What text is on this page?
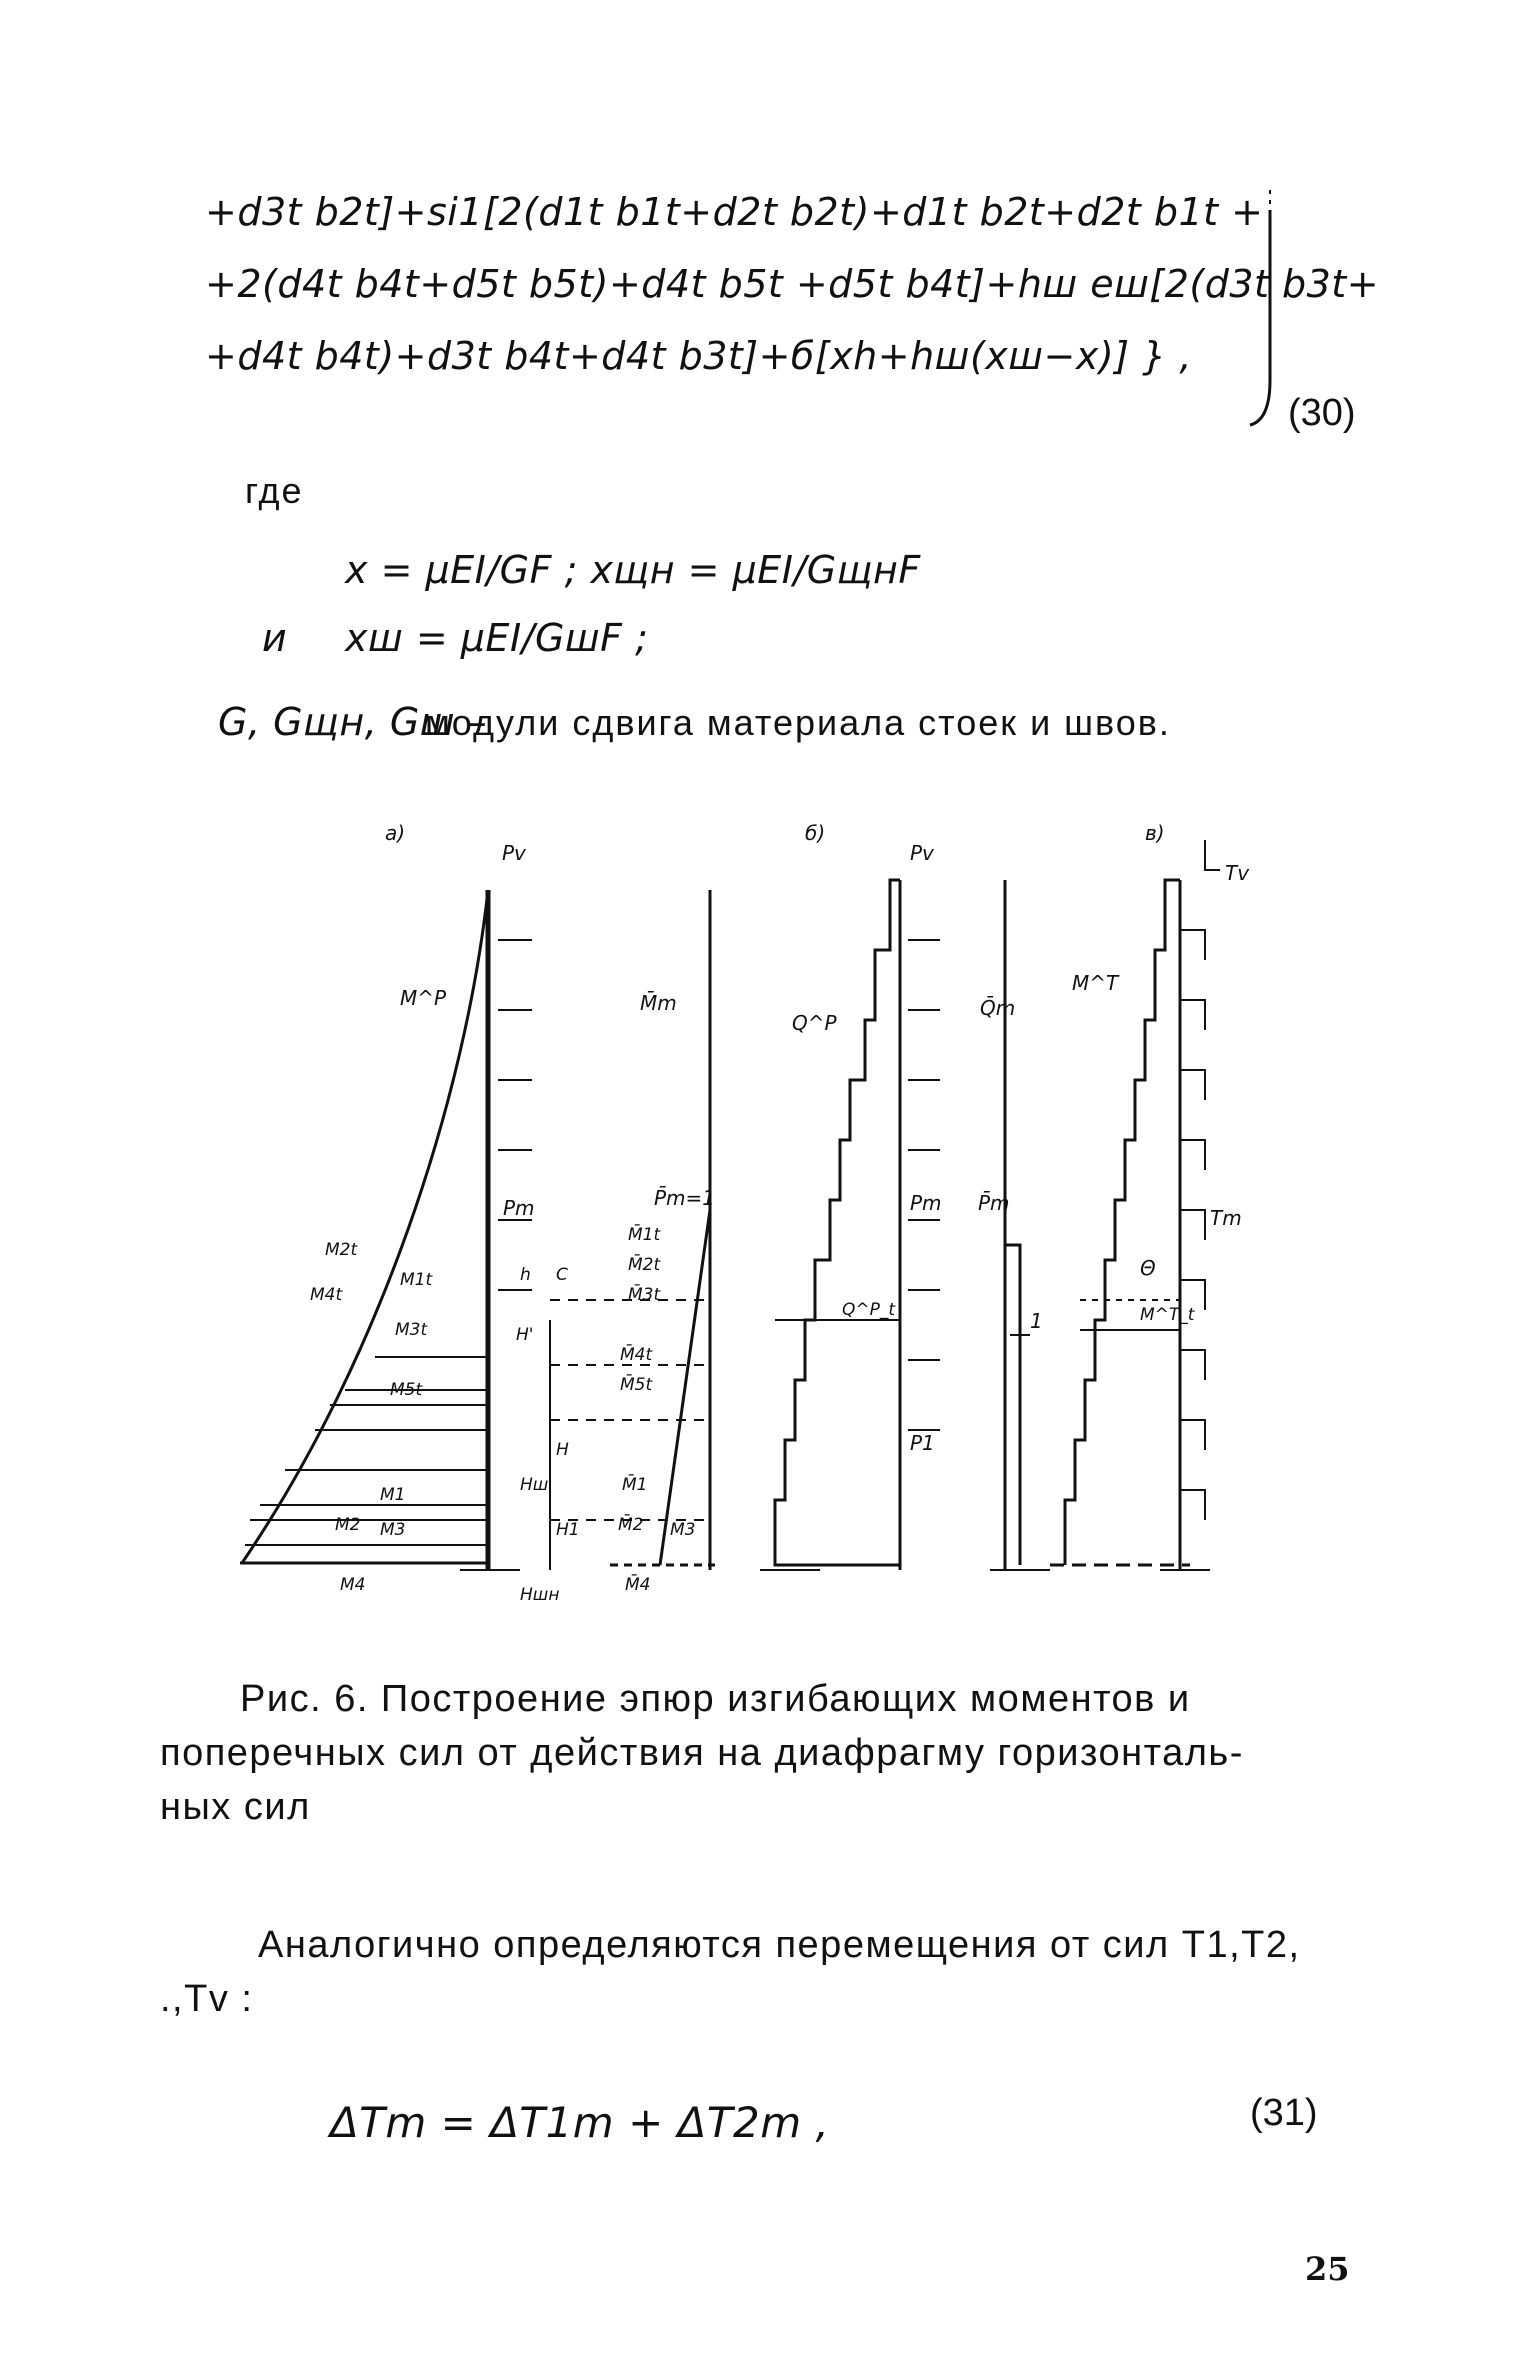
+d3t b2t]+si1[2(d1t b1t+d2t b2t)+d1t b2t+d2t b1t +
+2(d4t b4t+d5t b5t)+d4t b5t +d5t b4t]+hш eш[2(d3t b3t+
+d4t b4t)+d3t b4t+d4t b3t]+б[xh+hш(xш−x)] } ,
(30)
где
x = μEI/GF ; xщн = μEI/GщнF
и xш = μEI/GшF ;
G, Gщн, Gш –
модули сдвига материала стоек и швов.
а)	б)	в)
Pv
M^P	M̄m
Pm	P̄m=1
M2t
M4t
M1t
M3t
M5t
M1
M2 M3
M4
M̄1t
M̄2t
M̄3t
M̄4t
M̄5t
M̄1
M̄2 M̄3
M̄4
H
H1
Hш
Hшн
H'
C
h
Pv
Q^P
Q̄m
Pm P̄m
Q^P_t	1
P1
Tv
M^T
Tm
Θ
M^T_t
Рис. 6. Построение эпюр изгибающих моментов и
поперечных сил от действия на диафрагму горизонталь-
ных сил
Аналогично определяются перемещения от сил T1,T2,
.,Tv :
ΔTm = ΔT1m + ΔT2m ,	(31)
25
